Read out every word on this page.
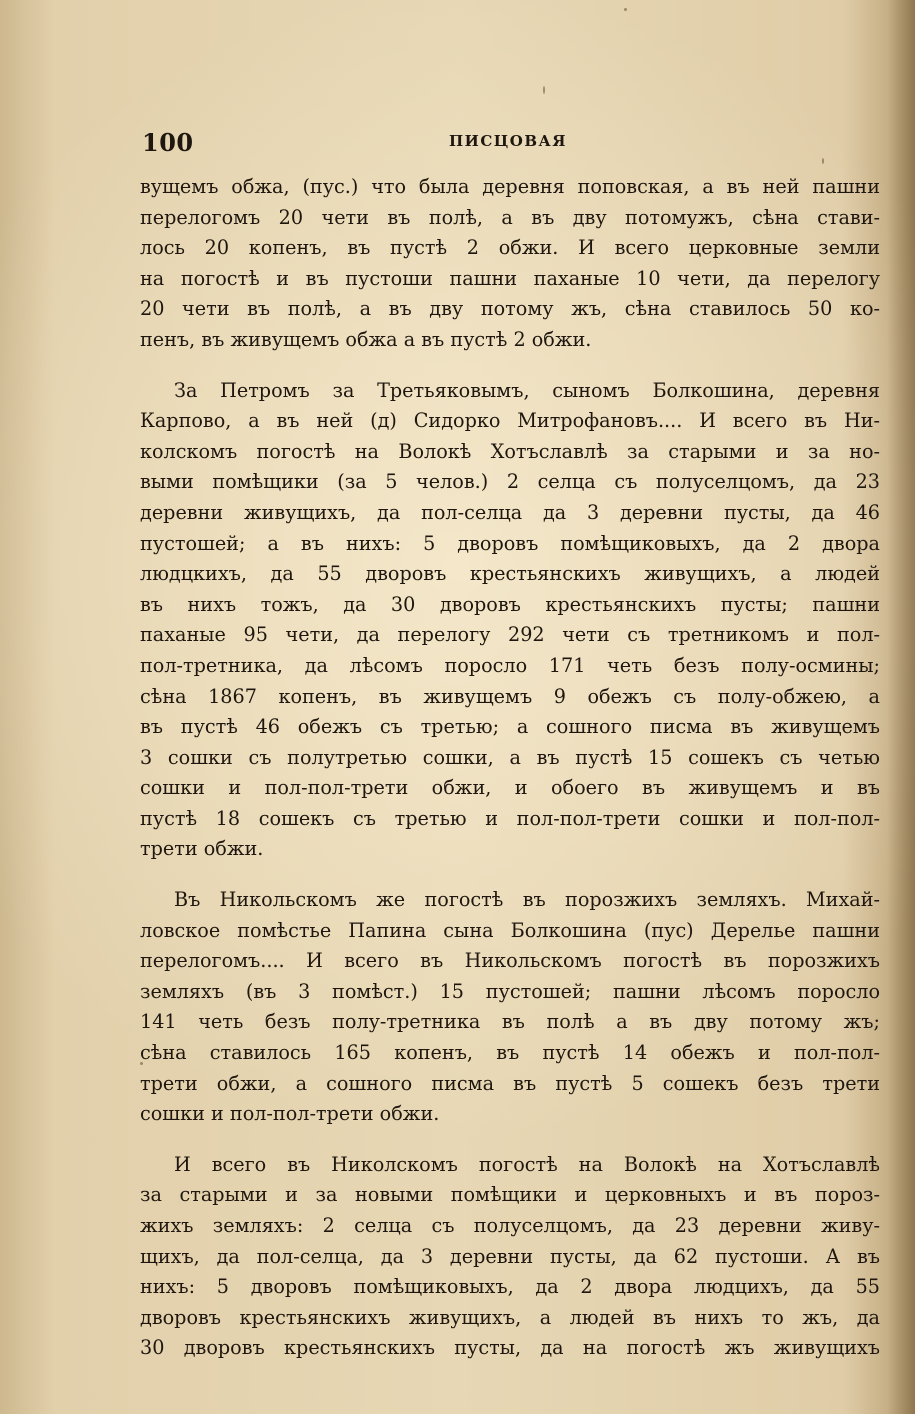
100	ПИСЦОВАЯ
вущемъ обжа, (пус.) что была деревня поповская, а въ ней пашни
перелогомъ 20 чети въ полѣ, а въ дву потомужъ, сѣна стави-
лось 20 копенъ, въ пустѣ 2 обжи. И всего церковные земли
на погостѣ и въ пустоши пашни паханые 10 чети, да перелогу
20 чети въ полѣ, а въ дву потому жъ, сѣна ставилось 50 ко-
пенъ, въ живущемъ обжа а въ пустѣ 2 обжи.
За Петромъ за Третьяковымъ, сыномъ Болкошина, деревня
Карпово, а въ ней (д) Сидорко Митрофановъ.... И всего въ Ни-
колскомъ погостѣ на Волокѣ Хотъславлѣ за старыми и за но-
выми помѣщики (за 5 челов.) 2 селца съ полуселцомъ, да 23
деревни живущихъ, да пол-селца да 3 деревни пусты, да 46
пустошей; а въ нихъ: 5 дворовъ помѣщиковыхъ, да 2 двора
людцкихъ, да 55 дворовъ крестьянскихъ живущихъ, а людей
въ нихъ тожъ, да 30 дворовъ крестьянскихъ пусты; пашни
паханые 95 чети, да перелогу 292 чети съ третникомъ и пол-
пол-третника, да лѣсомъ поросло 171 четь безъ полу-осмины;
сѣна 1867 копенъ, въ живущемъ 9 обежъ съ полу-обжею, а
въ пустѣ 46 обежъ съ третью; а сошного писма въ живущемъ
3 сошки съ полутретью сошки, а въ пустѣ 15 сошекъ съ четью
сошки и пол-пол-трети обжи, и обоего въ живущемъ и въ
пустѣ 18 сошекъ съ третью и пол-пол-трети сошки и пол-пол-
трети обжи.
Въ Никольскомъ же погостѣ въ порозжихъ земляхъ. Михай-
ловское помѣстье Папина сына Болкошина (пус) Дерелье пашни
перелогомъ.... И всего въ Никольскомъ погостѣ въ порозжихъ
земляхъ (въ 3 помѣст.) 15 пустошей; пашни лѣсомъ поросло
141 четь безъ полу-третника въ полѣ а въ дву потому жъ;
сѣна ставилось 165 копенъ, въ пустѣ 14 обежъ и пол-пол-
трети обжи, а сошного писма въ пустѣ 5 сошекъ безъ трети
сошки и пол-пол-трети обжи.
И всего въ Николскомъ погостѣ на Волокѣ на Хотъславлѣ
за старыми и за новыми помѣщики и церковныхъ и въ пороз-
жихъ земляхъ: 2 селца съ полуселцомъ, да 23 деревни живу-
щихъ, да пол-селца, да 3 деревни пусты, да 62 пустоши. А въ
нихъ: 5 дворовъ помѣщиковыхъ, да 2 двора людцихъ, да 55
дворовъ крестьянскихъ живущихъ, а людей въ нихъ то жъ, да
30 дворовъ крестьянскихъ пусты, да на погостѣ жъ живущихъ
